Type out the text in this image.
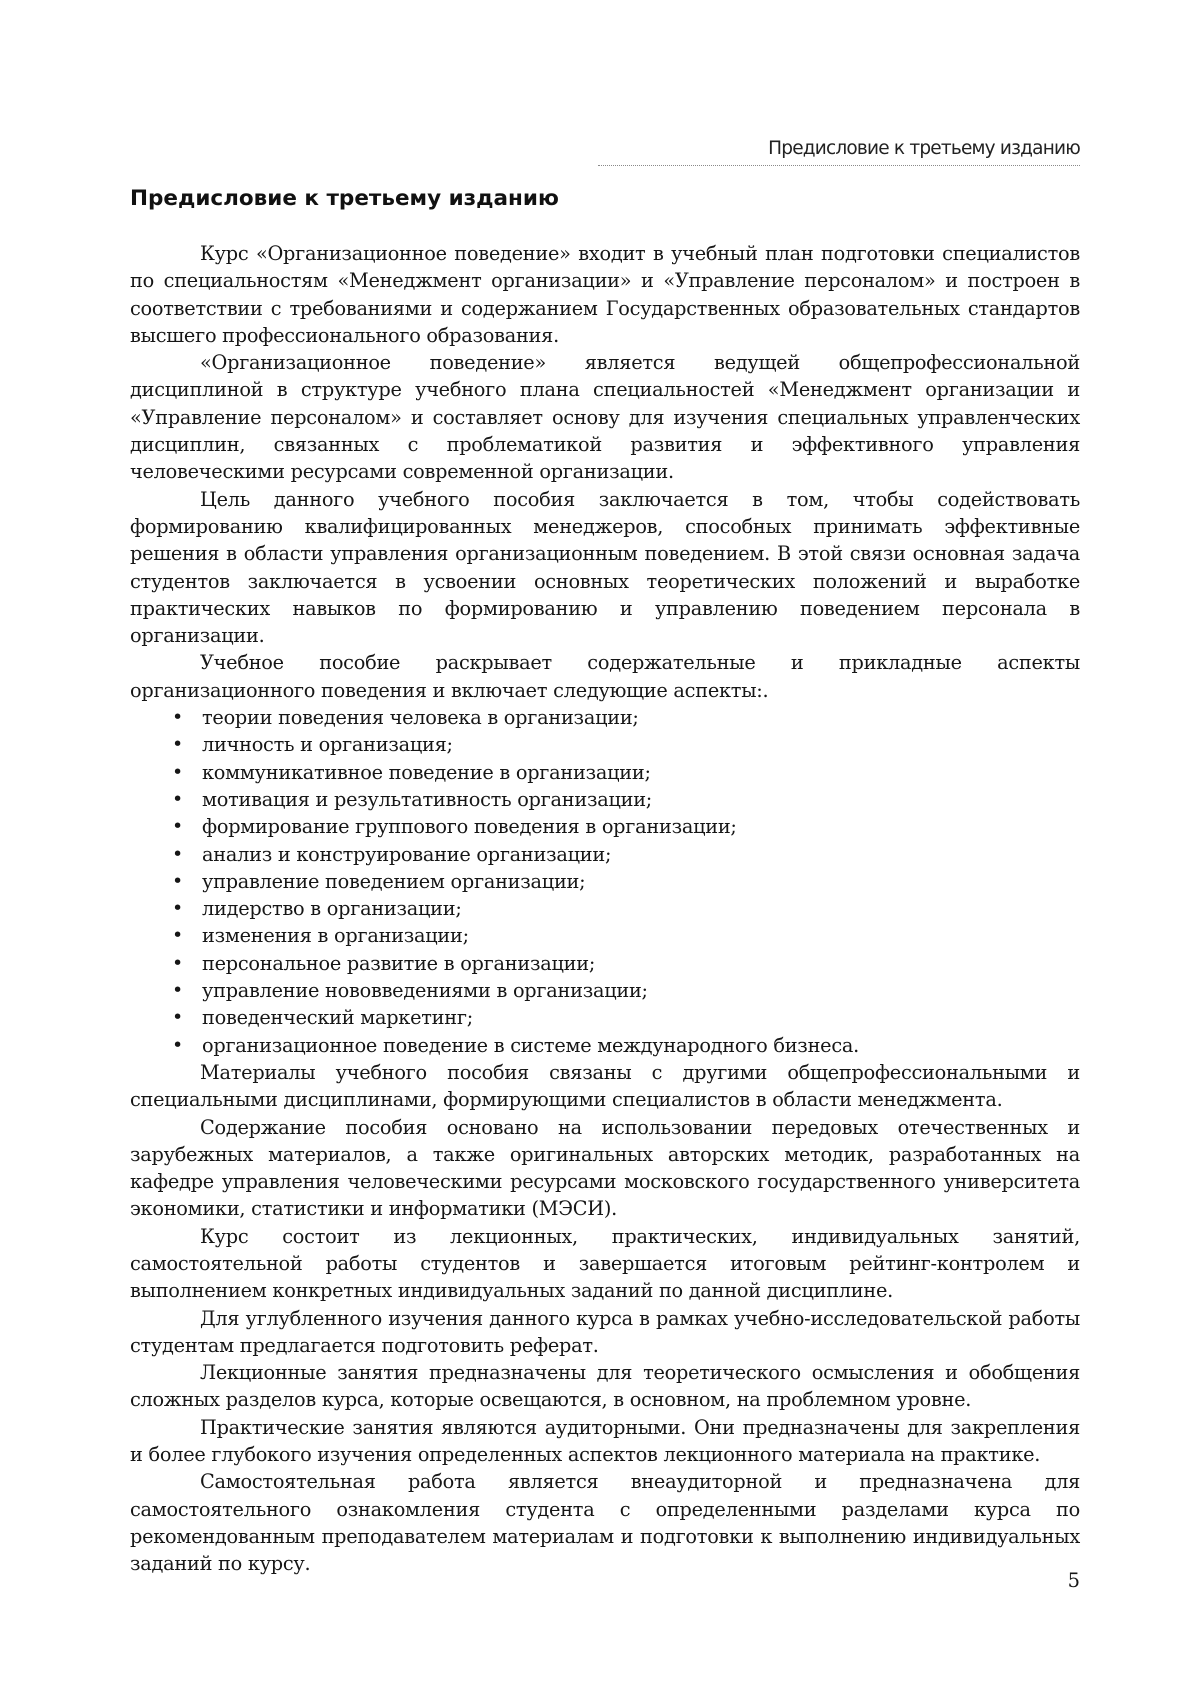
Предисловие к третьему изданию
Предисловие к третьему изданию

Курс «Организационное поведение» входит в учебный план подготовки специалистов по специальностям «Менеджмент организации» и «Управление персоналом» и построен в соответствии с требованиями и содержанием Государственных образовательных стандартов высшего профессионального образования.

«Организационное поведение» является ведущей общепрофессиональной дисциплиной в структуре учебного плана специальностей «Менеджмент организации и «Управление персоналом» и составляет основу для изучения специальных управленческих дисциплин, связанных с проблематикой развития и эффективного управления человеческими ресурсами современной организации.

Цель данного учебного пособия заключается в том, чтобы содействовать формированию квалифицированных менеджеров, способных принимать эффективные решения в области управления организационным поведением. В этой связи основная задача студентов заключается в усвоении основных теоретических положений и выработке практических навыков по формированию и управлению поведением персонала в организации.

Учебное пособие раскрывает содержательные и прикладные аспекты организационного поведения и включает следующие аспекты:.

• теории поведения человека в организации;
• личность и организация;
• коммуникативное поведение в организации;
• мотивация и результативность организации;
• формирование группового поведения в организации;
• анализ и конструирование организации;
• управление поведением организации;
• лидерство в организации;
• изменения в организации;
• персональное развитие в организации;
• управление нововведениями в организации;
• поведенческий маркетинг;
• организационное поведение в системе международного бизнеса.

Материалы учебного пособия связаны с другими общепрофессиональными и специальными дисциплинами, формирующими специалистов в области менеджмента.

Содержание пособия основано на использовании передовых отечественных и зарубежных материалов, а также оригинальных авторских методик, разработанных на кафедре управления человеческими ресурсами московского государственного университета экономики, статистики и информатики (МЭСИ).

Курс состоит из лекционных, практических, индивидуальных занятий, самостоятельной работы студентов и завершается итоговым рейтинг-контролем и выполнением конкретных индивидуальных заданий по данной дисциплине.

Для углубленного изучения данного курса в рамках учебно-исследовательской работы студентам предлагается подготовить реферат.

Лекционные занятия предназначены для теоретического осмысления и обобщения сложных разделов курса, которые освещаются, в основном, на проблемном уровне.

Практические занятия являются аудиторными. Они предназначены для закрепления и более глубокого изучения определенных аспектов лекционного материала на практике.

Самостоятельная работа является внеаудиторной и предназначена для самостоятельного ознакомления студента с определенными разделами курса по рекомендованным преподавателем материалам и подготовки к выполнению индивидуальных заданий по курсу.

5
